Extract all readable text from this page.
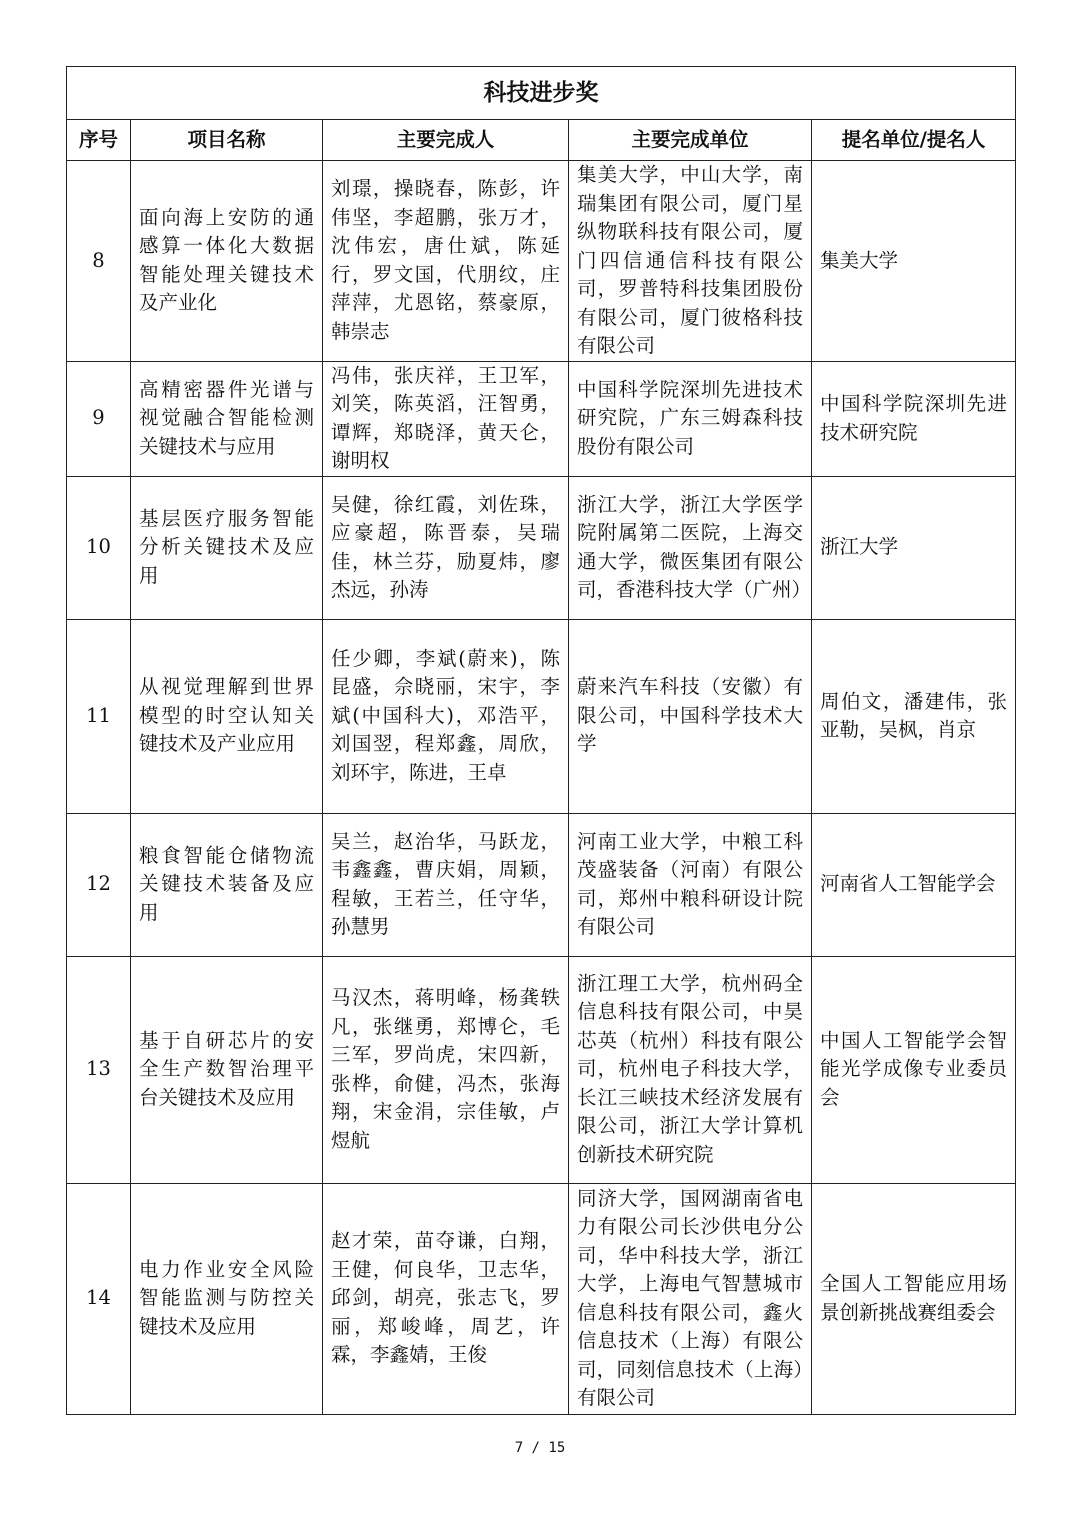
科技进步奖				
序号	项目名称	主要完成人	主要完成单位	提名单位/提名人
8	面向海上安防的通感算一体化大数据智能处理关键技术及产业化	刘璟，操晓春，陈彭，许伟坚，李超鹏，张万才，沈伟宏，唐仕斌，陈延行，罗文国，代朋纹，庄萍萍，尤恩铭，蔡豪原，韩崇志	集美大学，中山大学，南瑞集团有限公司，厦门星纵物联科技有限公司，厦门四信通信科技有限公司，罗普特科技集团股份有限公司，厦门彼格科技有限公司	集美大学
9	高精密器件光谱与视觉融合智能检测关键技术与应用	冯伟，张庆祥，王卫军，刘笑，陈英滔，汪智勇，谭辉，郑晓泽，黄天仑，谢明权	中国科学院深圳先进技术研究院，广东三姆森科技股份有限公司	中国科学院深圳先进技术研究院
10	基层医疗服务智能分析关键技术及应用	吴健，徐红霞，刘佐珠，应豪超，陈晋泰，吴瑞佳，林兰芬，励夏炜，廖杰远，孙涛	浙江大学，浙江大学医学院附属第二医院，上海交通大学，微医集团有限公司，香港科技大学（广州）	浙江大学
11	从视觉理解到世界模型的时空认知关键技术及产业应用	任少卿，李斌(蔚来)，陈昆盛，佘晓丽，宋宇，李斌(中国科大)，邓浩平，刘国翌，程郑鑫，周欣，刘环宇，陈进，王卓	蔚来汽车科技（安徽）有限公司，中国科学技术大学	周伯文，潘建伟，张亚勒，吴枫，肖京
12	粮食智能仓储物流关键技术装备及应用	吴兰，赵治华，马跃龙，韦鑫鑫，曹庆娟，周颖，程敏，王若兰，任守华，孙慧男	河南工业大学，中粮工科茂盛装备（河南）有限公司，郑州中粮科研设计院有限公司	河南省人工智能学会
13	基于自研芯片的安全生产数智治理平台关键技术及应用	马汉杰，蒋明峰，杨龚轶凡，张继勇，郑博仑，毛三军，罗尚虎，宋四新，张桦，俞健，冯杰，张海翔，宋金涓，宗佳敏，卢煜航	浙江理工大学，杭州码全信息科技有限公司，中昊芯英（杭州）科技有限公司，杭州电子科技大学，长江三峡技术经济发展有限公司，浙江大学计算机创新技术研究院	中国人工智能学会智能光学成像专业委员会
14	电力作业安全风险智能监测与防控关键技术及应用	赵才荣，苗夺谦，白翔，王健，何良华，卫志华，邱剑，胡亮，张志飞，罗丽，郑峻峰，周艺，许霖，李鑫婧，王俊	同济大学，国网湖南省电力有限公司长沙供电分公司，华中科技大学，浙江大学，上海电气智慧城市信息科技有限公司，鑫火信息技术（上海）有限公司，同刻信息技术（上海）有限公司	全国人工智能应用场景创新挑战赛组委会
7 / 15
